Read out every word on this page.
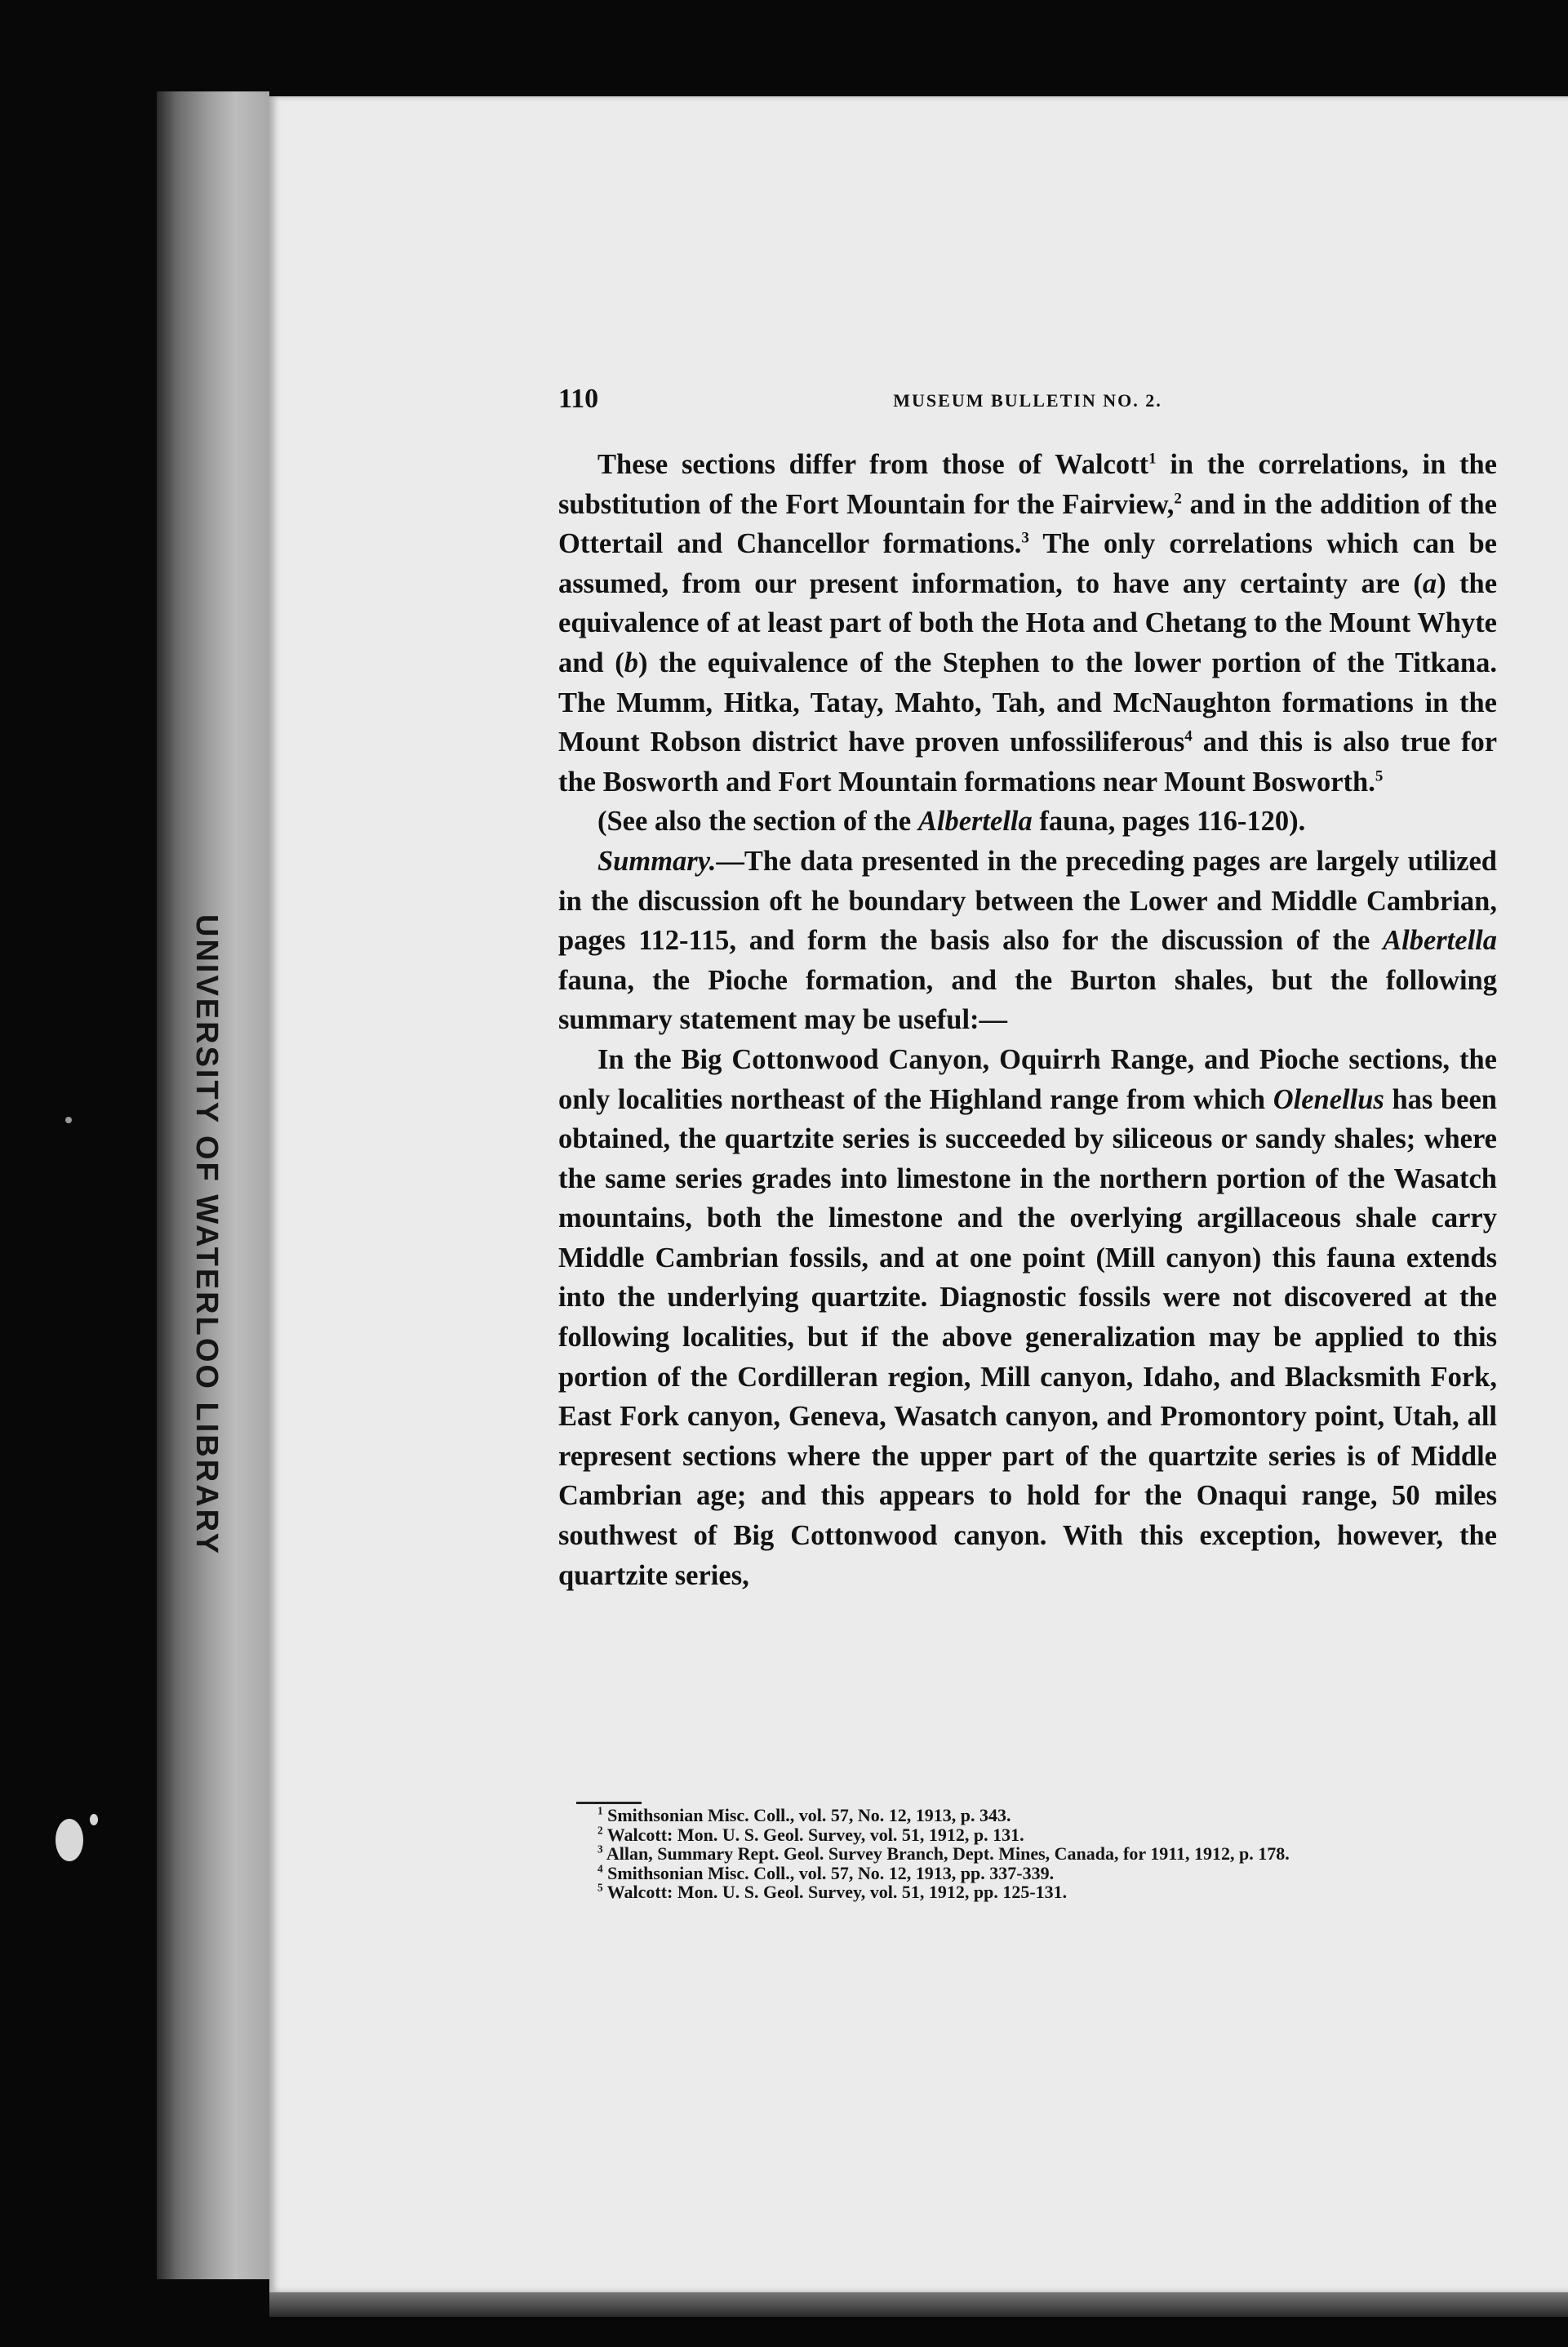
UNIVERSITY OF WATERLOO LIBRARY
110	MUSEUM BULLETIN NO. 2.

These sections differ from those of Walcott$^1$ in the correlations, in the substitution of the Fort Mountain for the Fairview,$^2$ and in the addition of the Ottertail and Chancellor formations.$^3$ The only correlations which can be assumed, from our present information, to have any certainty are (a) the equivalence of at least part of both the Hota and Chetang to the Mount Whyte and (b) the equivalence of the Stephen to the lower portion of the Titkana. The Mumm, Hitka, Tatay, Mahto, Tah, and McNaughton formations in the Mount Robson district have proven unfossiliferous$^4$ and this is also true for the Bosworth and Fort Mountain formations near Mount Bosworth.$^5$

(See also the section of the Albertella fauna, pages 116-120).

Summary.—The data presented in the preceding pages are largely utilized in the discussion oft he boundary between the Lower and Middle Cambrian, pages 112-115, and form the basis also for the discussion of the Albertella fauna, the Pioche formation, and the Burton shales, but the following summary statement may be useful:—

In the Big Cottonwood Canyon, Oquirrh Range, and Pioche sections, the only localities northeast of the Highland range from which Olenellus has been obtained, the quartzite series is succeeded by siliceous or sandy shales; where the same series grades into limestone in the northern portion of the Wasatch mountains, both the limestone and the overlying argillaceous shale carry Middle Cambrian fossils, and at one point (Mill canyon) this fauna extends into the underlying quartzite. Diagnostic fossils were not discovered at the following localities, but if the above generalization may be applied to this portion of the Cordilleran region, Mill canyon, Idaho, and Blacksmith Fork, East Fork canyon, Geneva, Wasatch canyon, and Promontory point, Utah, all represent sections where the upper part of the quartzite series is of Middle Cambrian age; and this appears to hold for the Onaqui range, 50 miles southwest of Big Cottonwood canyon. With this exception, however, the quartzite series,

$^1$ Smithsonian Misc. Coll., vol. 57, No. 12, 1913, p. 343.

$^2$ Walcott: Mon. U. S. Geol. Survey, vol. 51, 1912, p. 131.

$^3$ Allan, Summary Rept. Geol. Survey Branch, Dept. Mines, Canada, for 1911, 1912, p. 178.

$^4$ Smithsonian Misc. Coll., vol. 57, No. 12, 1913, pp. 337-339.

$^5$ Walcott: Mon. U. S. Geol. Survey, vol. 51, 1912, pp. 125-131.
